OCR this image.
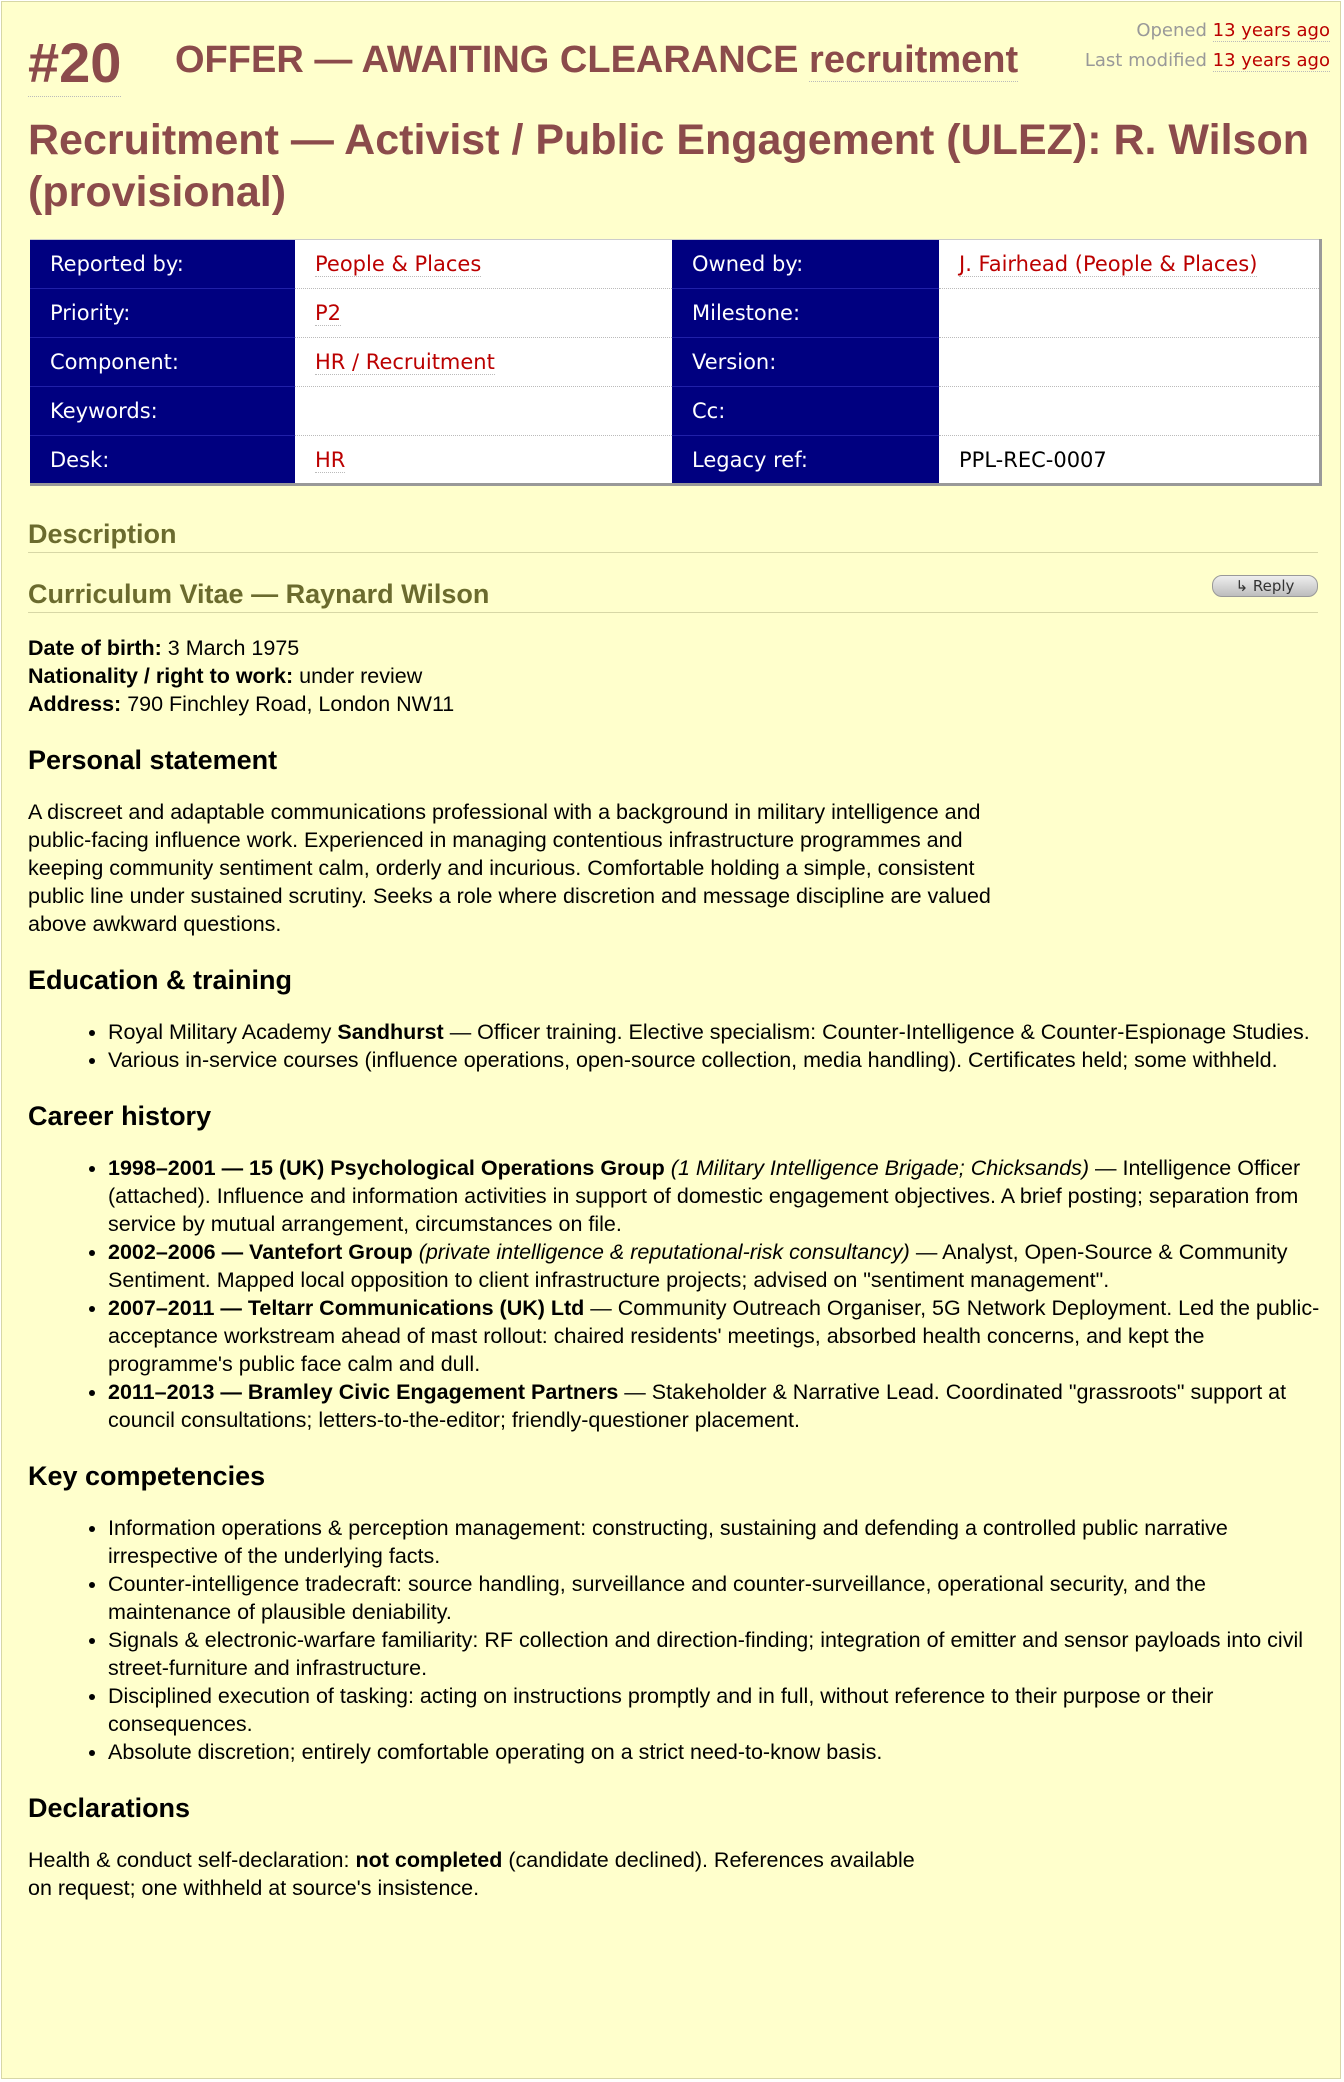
#20 OFFER — AWAITING CLEARANCE recruitment
Opened 13 years ago
Last modified 13 years ago
Recruitment — Activist / Public Engagement (ULEZ): R. Wilson (provisional)
Reported by:	People & Places	Owned by:	J. Fairhead (People & Places)
Priority:	P2	Milestone:	
Component:	HR / Recruitment	Version:	
Keywords:		Cc:	
Desk:	HR	Legacy ref:	PPL-REC-0007
Description
Curriculum Vitae — Raynard Wilson	↳ Reply

Date of birth: 3 March 1975

Nationality / right to work: under review

Address: 790 Finchley Road, London NW11

Personal statement

A discreet and adaptable communications professional with a background in military intelligence and public-facing influence work. Experienced in managing contentious infrastructure programmes and keeping community sentiment calm, orderly and incurious. Comfortable holding a simple, consistent public line under sustained scrutiny. Seeks a role where discretion and message discipline are valued above awkward questions.

Education & training
• Royal Military Academy Sandhurst — Officer training. Elective specialism: Counter-Intelligence & Counter-Espionage Studies.
• Various in-service courses (influence operations, open-source collection, media handling). Certificates held; some withheld.
Career history
• 1998–2001 — 15 (UK) Psychological Operations Group (1 Military Intelligence Brigade; Chicksands) — Intelligence Officer (attached). Influence and information activities in support of domestic engagement objectives. A brief posting; separation from service by mutual arrangement, circumstances on file.
• 2002–2006 — Vantefort Group (private intelligence & reputational-risk consultancy) — Analyst, Open-Source & Community Sentiment. Mapped local opposition to client infrastructure projects; advised on "sentiment management".
• 2007–2011 — Teltarr Communications (UK) Ltd — Community Outreach Organiser, 5G Network Deployment. Led the public-acceptance workstream ahead of mast rollout: chaired residents' meetings, absorbed health concerns, and kept the programme's public face calm and dull.
• 2011–2013 — Bramley Civic Engagement Partners — Stakeholder & Narrative Lead. Coordinated "grassroots" support at council consultations; letters-to-the-editor; friendly-questioner placement.
Key competencies
• Information operations & perception management: constructing, sustaining and defending a controlled public narrative irrespective of the underlying facts.
• Counter-intelligence tradecraft: source handling, surveillance and counter-surveillance, operational security, and the maintenance of plausible deniability.
• Signals & electronic-warfare familiarity: RF collection and direction-finding; integration of emitter and sensor payloads into civil street-furniture and infrastructure.
• Disciplined execution of tasking: acting on instructions promptly and in full, without reference to their purpose or their consequences.
• Absolute discretion; entirely comfortable operating on a strict need-to-know basis.
Declarations

Health & conduct self-declaration: not completed (candidate declined). References available on request; one withheld at source's insistence.
